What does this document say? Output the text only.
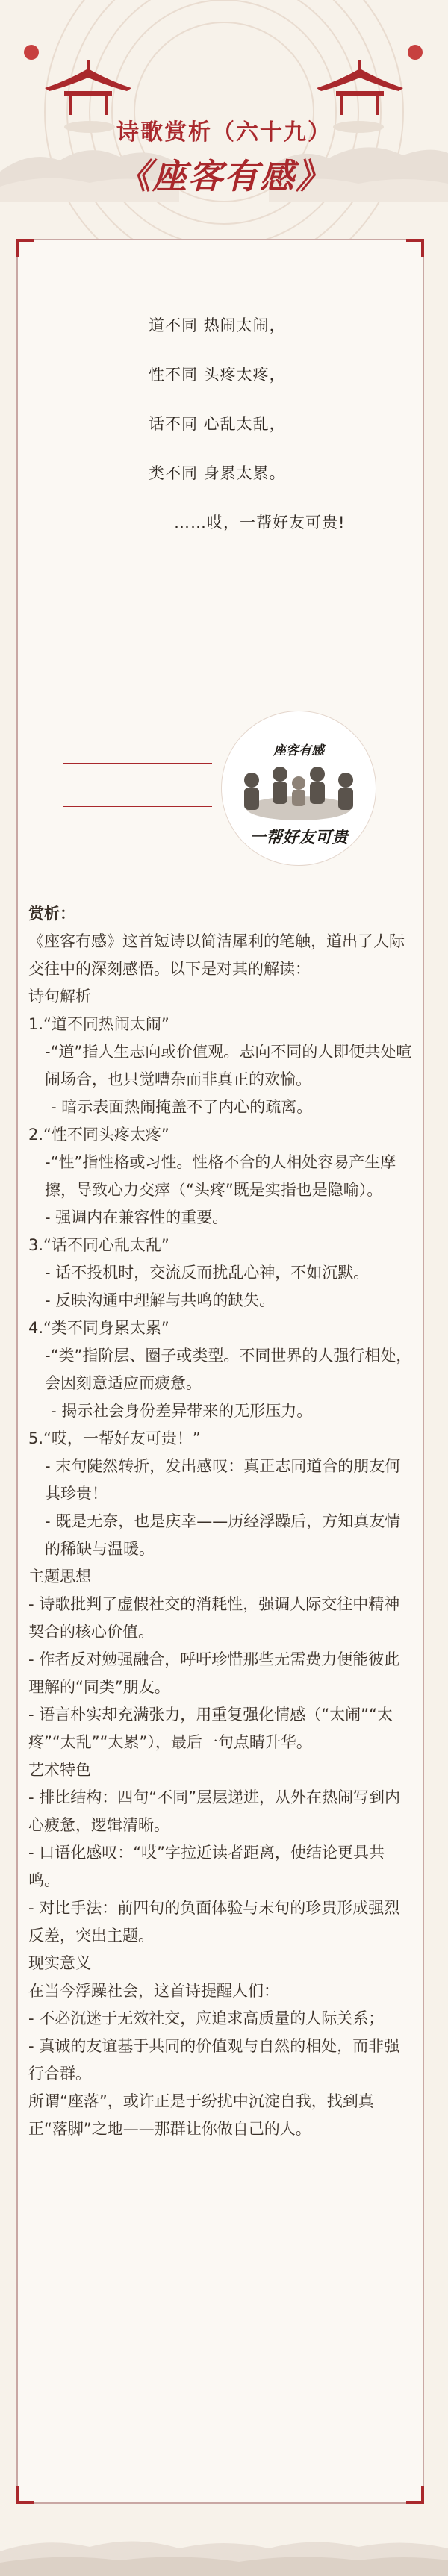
诗歌赏析（六十九）
《座客有感》
道不同 热闹太闹，
性不同 头疼太疼，
话不同 心乱太乱，
类不同 身累太累。
……哎，一帮好友可贵!
座客有感
一帮好友可贵

赏析：

《座客有感》这首短诗以简洁犀利的笔触，道出了人际交往中的深刻感悟。以下是对其的解读：

诗句解析

1.“道不同热闹太闹”

-“道”指人生志向或价值观。志向不同的人即便共处喧闹场合，也只觉嘈杂而非真正的欢愉。

- 暗示表面热闹掩盖不了内心的疏离。

2.“性不同头疼太疼”

-“性”指性格或习性。性格不合的人相处容易产生摩擦，导致心力交瘁（“头疼”既是实指也是隐喻）。

- 强调内在兼容性的重要。

3.“话不同心乱太乱”

- 话不投机时，交流反而扰乱心神，不如沉默。

- 反映沟通中理解与共鸣的缺失。

4.“类不同身累太累”

-“类”指阶层、圈子或类型。不同世界的人强行相处，会因刻意适应而疲惫。

- 揭示社会身份差异带来的无形压力。

5.“哎，一帮好友可贵！”

- 末句陡然转折，发出感叹：真正志同道合的朋友何其珍贵！

- 既是无奈，也是庆幸——历经浮躁后，方知真友情的稀缺与温暖。

主题思想

- 诗歌批判了虚假社交的消耗性，强调人际交往中精神契合的核心价值。

- 作者反对勉强融合，呼吁珍惜那些无需费力便能彼此理解的“同类”朋友。

- 语言朴实却充满张力，用重复强化情感（“太闹”“太疼”“太乱”“太累”），最后一句点睛升华。

艺术特色

- 排比结构：四句“不同”层层递进，从外在热闹写到内心疲惫，逻辑清晰。

- 口语化感叹：“哎”字拉近读者距离，使结论更具共鸣。

- 对比手法：前四句的负面体验与末句的珍贵形成强烈反差，突出主题。

现实意义

在当今浮躁社会，这首诗提醒人们：

- 不必沉迷于无效社交，应追求高质量的人际关系；

- 真诚的友谊基于共同的价值观与自然的相处，而非强行合群。

所谓“座落”，或许正是于纷扰中沉淀自我，找到真正“落脚”之地——那群让你做自己的人。
